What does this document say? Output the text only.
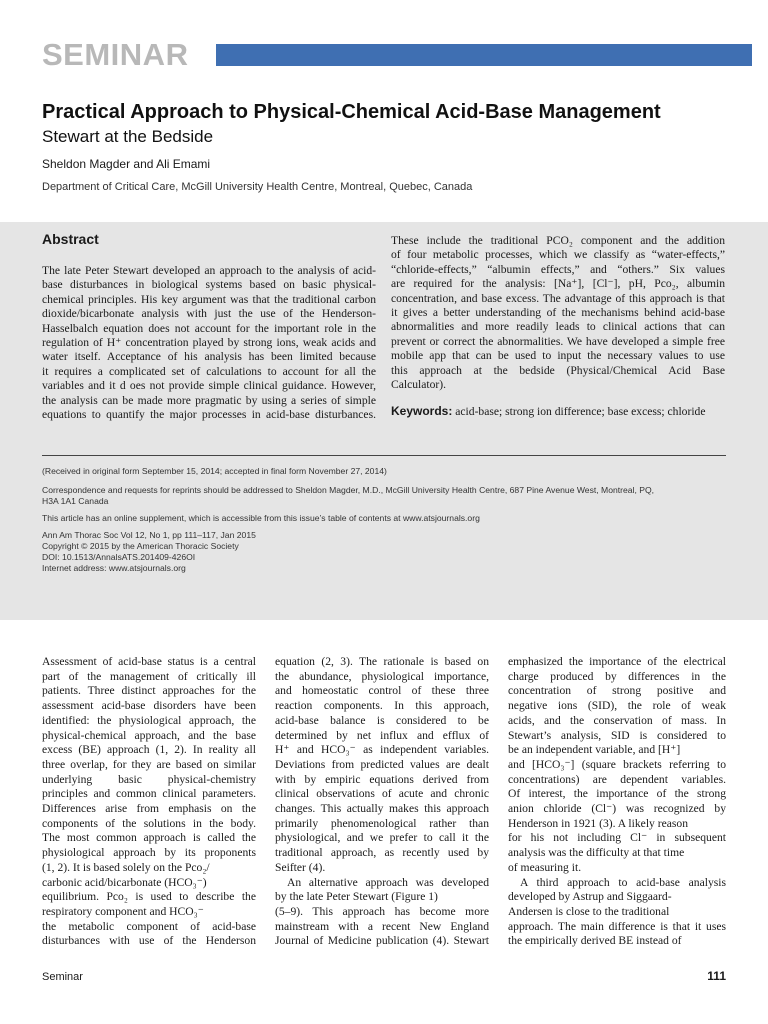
SEMINAR
Practical Approach to Physical-Chemical Acid-Base Management
Stewart at the Bedside
Sheldon Magder and Ali Emami
Department of Critical Care, McGill University Health Centre, Montreal, Quebec, Canada
Abstract
The late Peter Stewart developed an approach to the analysis of acid-
base disturbances in biological systems based on basic physical-
chemical principles. His key argument was that the traditional carbon
dioxide/bicarbonate analysis with just the use of the Henderson-
Hasselbalch equation does not account for the important role in the
regulation of H⁺ concentration played by strong ions, weak acids and
water itself. Acceptance of his analysis has been limited because
it requires a complicated set of calculations to account for all the
variables and it d oes not provide simple clinical guidance. However,
the analysis can be made more pragmatic by using a series of simple
equations to quantify the major processes in acid-base disturbances.
These include the traditional PCO₂ component and the addition
of four metabolic processes, which we classify as “water-effects,”
“chloride-effects,” “albumin effects,” and “others.” Six values
are required for the analysis: [Na⁺], [Cl⁻], pH, Pco₂, albumin
concentration, and base excess. The advantage of this approach is that
it gives a better understanding of the mechanisms behind acid-base
abnormalities and more readily leads to clinical actions that can
prevent or correct the abnormalities. We have developed a simple free
mobile app that can be used to input the necessary values to use
this approach at the bedside (Physical/Chemical Acid Base
Calculator).
Keywords: acid-base; strong ion difference; base excess; chloride
(Received in original form September 15, 2014; accepted in final form November 27, 2014)
Correspondence and requests for reprints should be addressed to Sheldon Magder, M.D., McGill University Health Centre, 687 Pine Avenue West, Montreal, PQ,
H3A 1A1 Canada
This article has an online supplement, which is accessible from this issue’s table of contents at www.atsjournals.org
Ann Am Thorac Soc Vol 12, No 1, pp 111–117, Jan 2015
Copyright © 2015 by the American Thoracic Society
DOI: 10.1513/AnnalsATS.201409-426OI
Internet address: www.atsjournals.org
Assessment of acid-base status is a central
part of the management of critically ill
patients. Three distinct approaches for the
assessment acid-base disorders have been
identified: the physiological approach, the
physical-chemical approach, and the base
excess (BE) approach (1, 2). In reality all
three overlap, for they are based on similar
underlying basic physical-chemistry
principles and common clinical parameters.
Differences arise from emphasis on the
components of the solutions in the body.
The most common approach is called the
physiological approach by its proponents
(1, 2). It is based solely on the Pco₂/
carbonic acid/bicarbonate (HCO₃⁻)
equilibrium. Pco₂ is used to describe the
respiratory component and HCO₃⁻
the metabolic component of acid-base
disturbances with use of the Henderson
equation (2, 3). The rationale is based on
the abundance, physiological importance,
and homeostatic control of these three
reaction components. In this approach,
acid-base balance is considered to be
determined by net influx and efflux of
H⁺ and HCO₃⁻ as independent variables.
Deviations from predicted values are dealt
with by empiric equations derived from
clinical observations of acute and chronic
changes. This actually makes this approach
primarily phenomenological rather than
physiological, and we prefer to call it the
traditional approach, as recently used by
Seifter (4).
An alternative approach was developed
by the late Peter Stewart (Figure 1)
(5–9). This approach has become more
mainstream with a recent New England
Journal of Medicine publication (4). Stewart
emphasized the importance of the electrical
charge produced by differences in the
concentration of strong positive and
negative ions (SID), the role of weak
acids, and the conservation of mass. In
Stewart’s analysis, SID is considered to
be an independent variable, and [H⁺]
and [HCO₃⁻] (square brackets referring to
concentrations) are dependent variables.
Of interest, the importance of the strong
anion chloride (Cl⁻) was recognized by
Henderson in 1921 (3). A likely reason
for his not including Cl⁻ in subsequent
analysis was the difficulty at that time
of measuring it.
A third approach to acid-base analysis
developed by Astrup and Siggaard-
Andersen is close to the traditional
approach. The main difference is that it uses
the empirically derived BE instead of
Seminar	111
